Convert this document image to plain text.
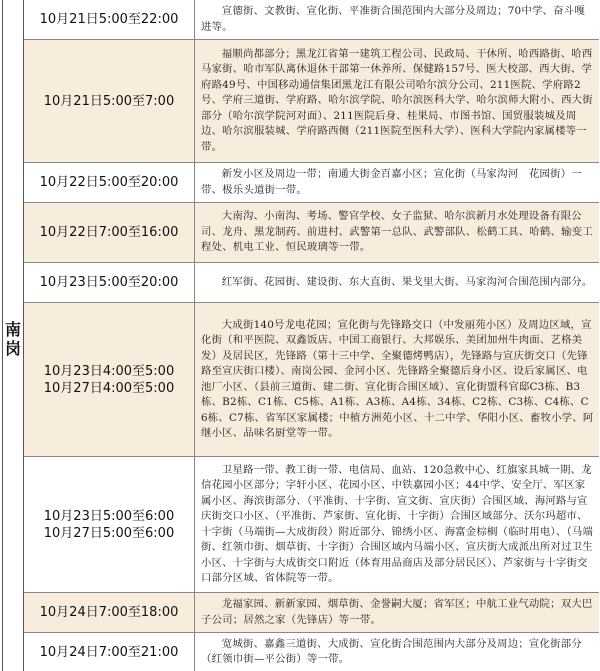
南岗
10月21日5:00至22:00
宣德街、文教街、宣化街、平准街合围范围内大部分及周边；70中学、奋斗嘎进等。
10月21日5:00至7:00
福顺尚都部分；黑龙江省第一建筑工程公司、民政局、干休所、哈西路街、哈西马家街、哈市军队离休退休干部第一休养所、保健路157号、医大校部、西大街、学府路49号、中国移动通信集团黑龙江有限公司哈尔滨分公司、211医院、学府路2号、学府三道街、学府路、哈尔滨学院、哈尔滨医科大学、哈尔滨师大附小、西大街部分（哈尔滨学院河对面）、211医院后身、桂果局、市图书馆、国贸服装城及周边、哈尔滨服装城、学府路西侧（211医院至医科大学）、医科大学院内家属楼等一带。
10月22日5:00至20:00
新发小区及周边一带；南通大街金百嘉小区；宣化街（马家沟河　花园街）一带、极乐头道街一带。
10月22日7:00至16:00
大南沟、小南沟、考场、警官学校、女子监狱、哈尔滨新月水处理设备有限公司、龙舟、黑龙制药、前进村、武警第一总队、武警部队、松鹤工具、哈鹤、输变工程处、机电工业、恒民玻璃等一带。
10月23日5:00至20:00	红军街、花园街、建设街、东大直街、果戈里大街、马家沟河合围范围内部分。
10月23日4:00至5:00
10月27日4:00至5:00
大成街140号龙电花园；宣化街与先锋路交口（中发丽苑小区）及周边区域，宣化街（和平医院、双鑫饭店、中国工商银行、大邦娱乐、美团加州牛肉面、艺格美发）及居民区，先锋路（第十三中学、全聚德烤鸭店），先锋路与宣庆街交口（先锋路至宣庆街口楼）、南岗公园、金河小区、先锋路全聚德后身小区、设后家属区、电池厂小区、（县前三道街、建二街、宣化街合围区域）、宣化街盟科官邸C3栋、B3栋、B2栋、C1栋、C5栋、A1栋、A3栋、A4栋、34栋、C2栋、C3栋、C4栋、C6栋、C7栋、省军区家属楼；中植方洲苑小区、十二中学、华阳小区、畜牧小学、阿继小区、品味名厨堂等一带。
10月23日5:00至6:00
10月27日5:00至6:00
卫星路一带、教工街一带、电信局、血站、120急救中心、红旗家具城一期、龙信花园小区部分；字轩小区、花园小区、中铁嘉园小区；44中学、安全厅、军区家属小区、海滨街部分、（平准街、十字街、宣文街、宣庆街）合围区域、海河路与宣庆街交口小区、（平准街、芦家街、宣化街、十字街）合围区域部分、沃尔玛超市、十字街（马端街—大成街段）附近部分、锦绣小区、海富金棕榈（临时用电）、（马端街、红领巾街、烟草街、十字街）合围区域内马端小区、宣庆街大成派出所对过卫生小区、十字街与大成街交口附近（体育用品商店及部分居民区）、芦家街与十字街交口部分区域、省体院等一带。
10月24日7:00至18:00
龙福家园、新新家园、烟草街、金誉嗣大厦；省军区；中航工业气动院；双大巴子公司；居然之家（先锋店）等一带。
10月24日7:00至21:00
宽城街、嘉鑫三道街、大成街、宣化街合围范围内大部分及周边；宣化街部分（红领巾街—平公街）等一带。
